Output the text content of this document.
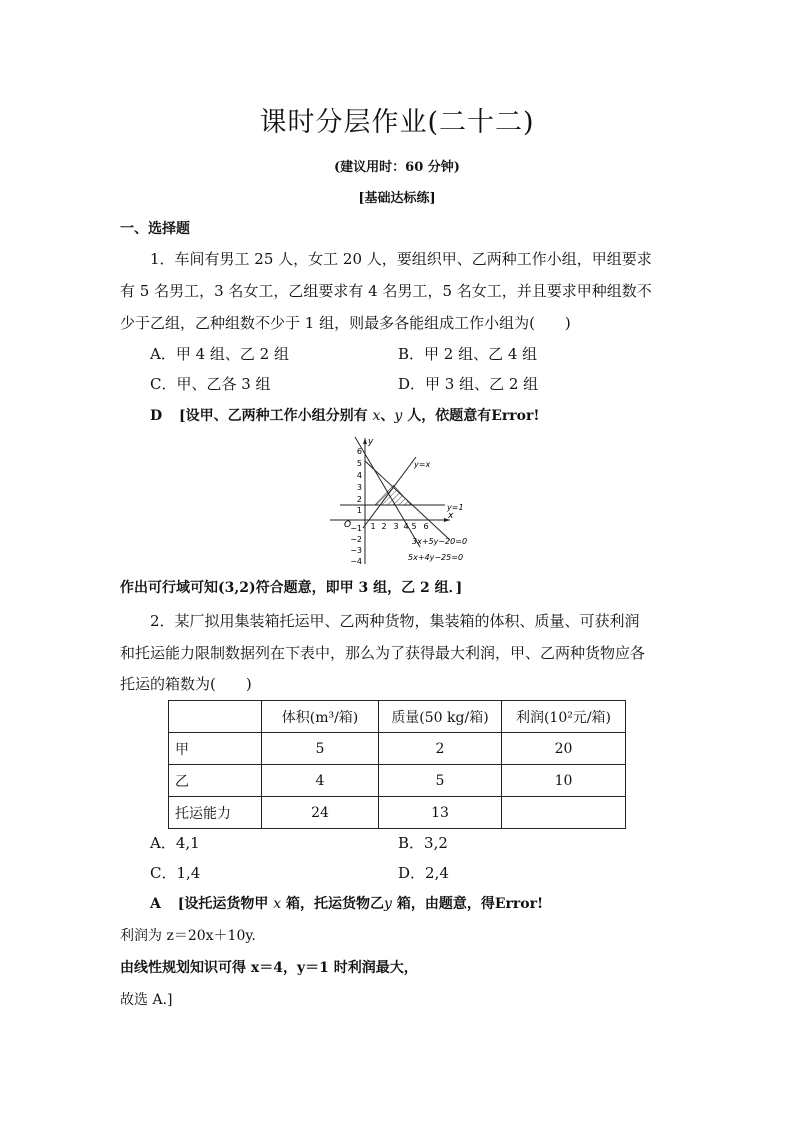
课时分层作业(二十二)
(建议用时：60 分钟)
[基础达标练]
一、选择题
1．车间有男工 25 人，女工 20 人，要组织甲、乙两种工作小组，甲组要求
有 5 名男工，3 名女工，乙组要求有 4 名男工，5 名女工，并且要求甲种组数不
少于乙组，乙种组数不少于 1 组，则最多各能组成工作小组为(　　)
A．甲 4 组、乙 2 组	B．甲 2 组、乙 4 组
C．甲、乙各 3 组	D．甲 3 组、乙 2 组
D [设甲、乙两种工作小组分别有 x、y 人，依题意有Error!
y
x
O
6
5
4
3
2
1
−1
−2
−3
−4
1 2 3 4 5 6
y=x
y=1
3x+5y−20=0
5x+4y−25=0
作出可行域可知(3,2)符合题意，即甲 3 组，乙 2 组．]
2．某厂拟用集装箱托运甲、乙两种货物，集装箱的体积、质量、可获利润
和托运能力限制数据列在下表中，那么为了获得最大利润，甲、乙两种货物应各
托运的箱数为(　　)
	体积(m³/箱)	质量(50 kg/箱)	利润(10²元/箱)
甲	5	2	20
乙	4	5	10
托运能力	24	13	
A．4,1	B．3,2
C．1,4	D．2,4
A [设托运货物甲 x 箱，托运货物乙y 箱，由题意，得Error!
利润为 z＝20x＋10y.
由线性规划知识可得 x＝4，y＝1 时利润最大，
故选 A.]
